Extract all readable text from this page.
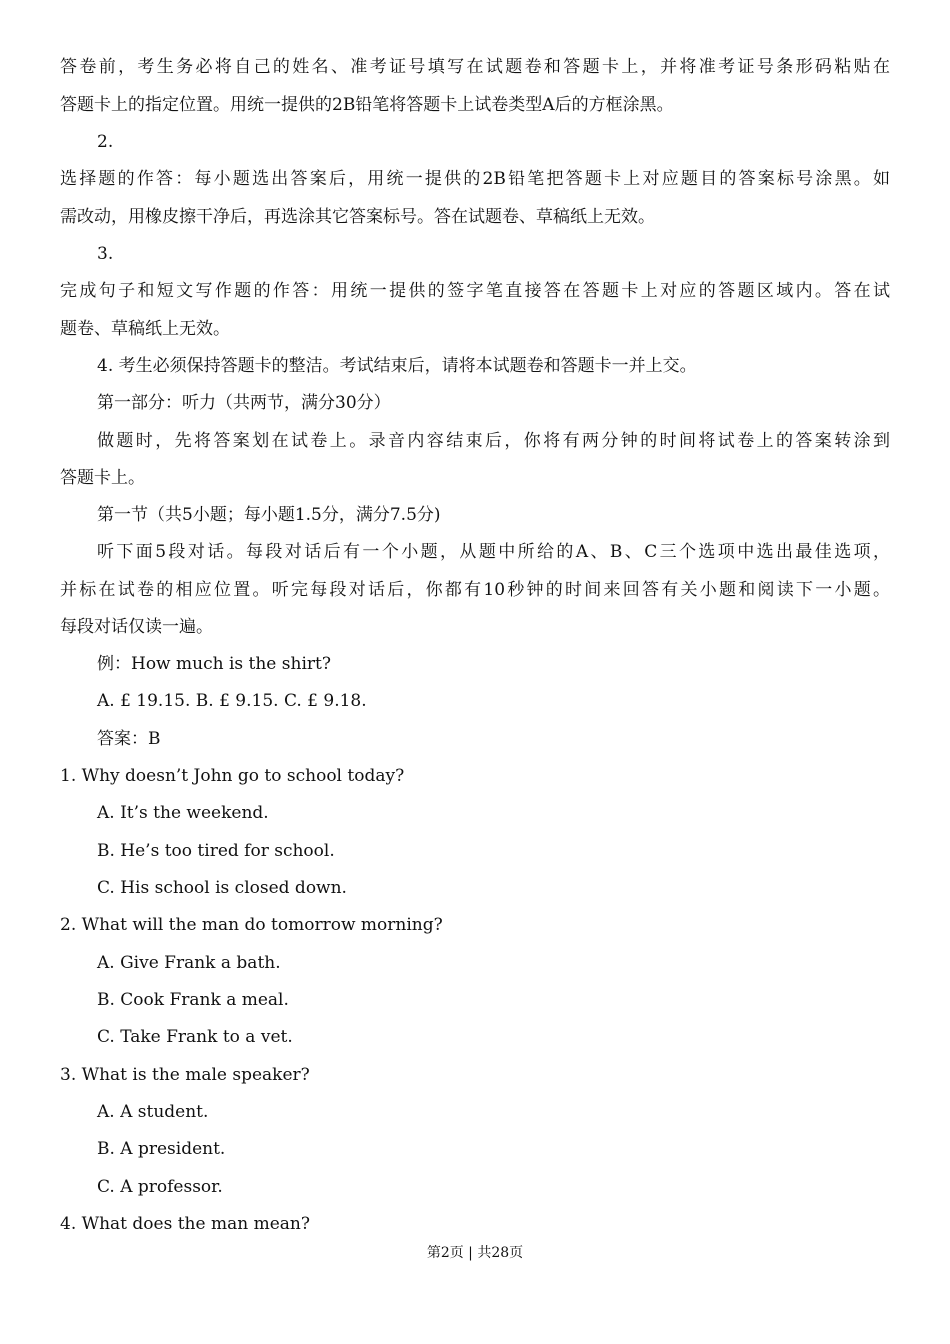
答卷前，考生务必将自己的姓名、准考证号填写在试题卷和答题卡上，并将准考证号条形码粘贴在
答题卡上的指定位置。用统一提供的2B铅笔将答题卡上试卷类型A后的方框涂黑。
2.
选择题的作答：每小题选出答案后，用统一提供的2B铅笔把答题卡上对应题目的答案标号涂黑。如
需改动，用橡皮擦干净后，再选涂其它答案标号。答在试题卷、草稿纸上无效。
3.
完成句子和短文写作题的作答：用统一提供的签字笔直接答在答题卡上对应的答题区域内。答在试
题卷、草稿纸上无效。
4. 考生必须保持答题卡的整洁。考试结束后，请将本试题卷和答题卡一并上交。
第一部分：听力（共两节，满分30分）
做题时，先将答案划在试卷上。录音内容结束后，你将有两分钟的时间将试卷上的答案转涂到
答题卡上。
第一节（共5小题；每小题1.5分，满分7.5分)
听下面5段对话。每段对话后有一个小题，从题中所给的A、B、C三个选项中选出最佳选项，
并标在试卷的相应位置。听完每段对话后，你都有10秒钟的时间来回答有关小题和阅读下一小题。
每段对话仅读一遍。
例：How much is the shirt?
A. £ 19.15. B. £ 9.15. C. £ 9.18.
答案：B
1. Why doesn’t John go to school today?
A. It’s the weekend.
B. He’s too tired for school.
C. His school is closed down.
2. What will the man do tomorrow morning?
A. Give Frank a bath.
B. Cook Frank a meal.
C. Take Frank to a vet.
3. What is the male speaker?
A. A student.
B. A president.
C. A professor.
4. What does the man mean?
第2页 | 共28页
